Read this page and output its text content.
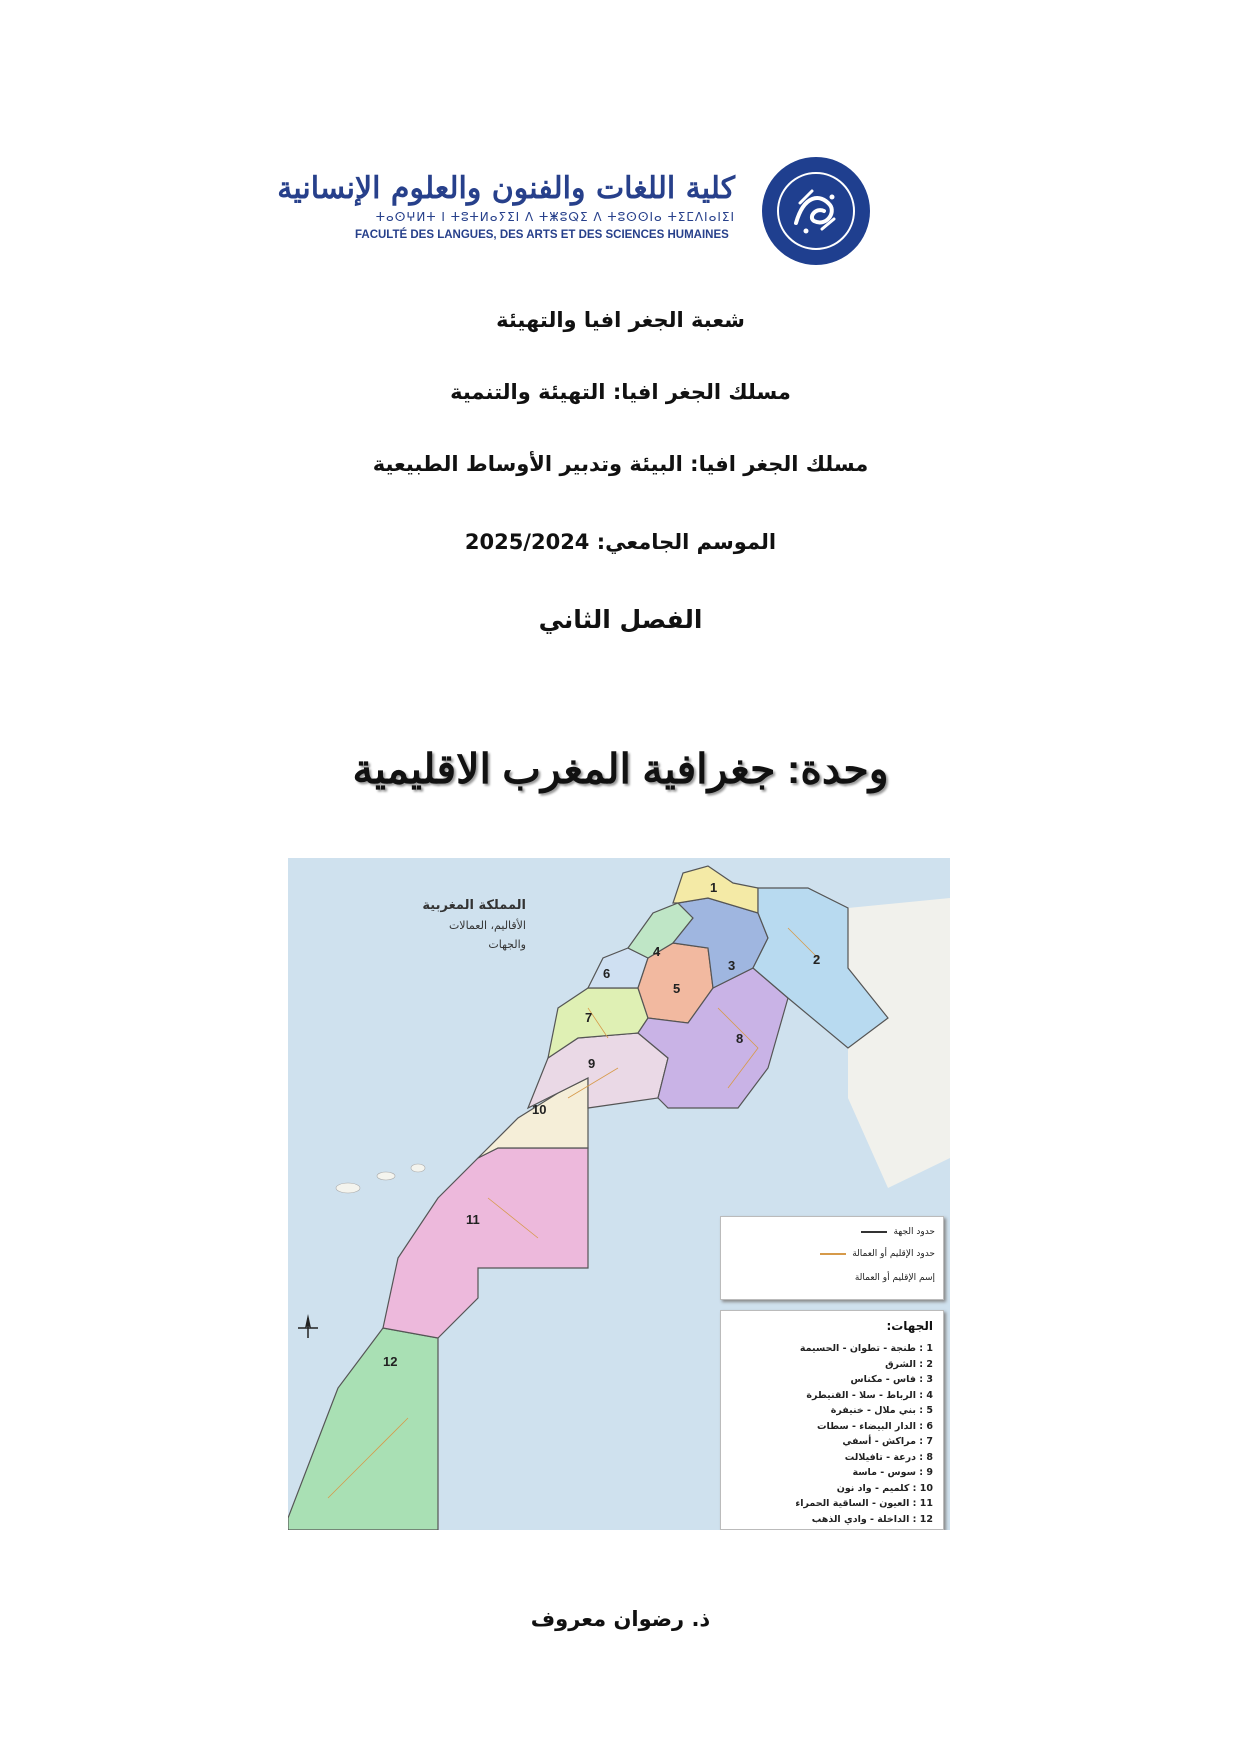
كلية اللغات والفنون والعلوم الإنسانية
ⵜⴰⵙⵖⵍⵜ ⵏ ⵜⵓⵜⵍⴰⵢⵉⵏ ⴷ ⵜⵥⵓⵕⵉ ⴷ ⵜⵓⵙⵙⵏⴰ ⵜⵉⵎⴷⵏⴰⵏⵉⵏ
FACULTÉ DES LANGUES, DES ARTS ET DES SCIENCES HUMAINES
شعبة الجغر افيا والتهيئة
مسلك الجغر افيا: التهيئة والتنمية
مسلك الجغر افيا: البيئة وتدبير الأوساط الطبيعية
الموسم الجامعي: 2025/2024
الفصل الثاني
وحدة: جغرافية المغرب الاقليمية
1
2
3
4
5
6
7
8
9
10
11
12
المملكة المغربية
الأقاليم، العمالات
والجهات
حدود الجهة
حدود الإقليم أو العمالة
إسم الإقليم أو العمالة
الجهات:
1 : طنجة - تطوان - الحسيمة
2 : الشرق
3 : فاس - مكناس
4 : الرباط - سلا - القنيطرة
5 : بني ملال - خنيفرة
6 : الدار البيضاء - سطات
7 : مراكش - أسفي
8 : درعة - تافيلالت
9 : سوس - ماسة
10 : كلميم - واد نون
11 : العيون - الساقية الحمراء
12 : الداخلة - وادي الذهب
ذ. رضوان معروف
